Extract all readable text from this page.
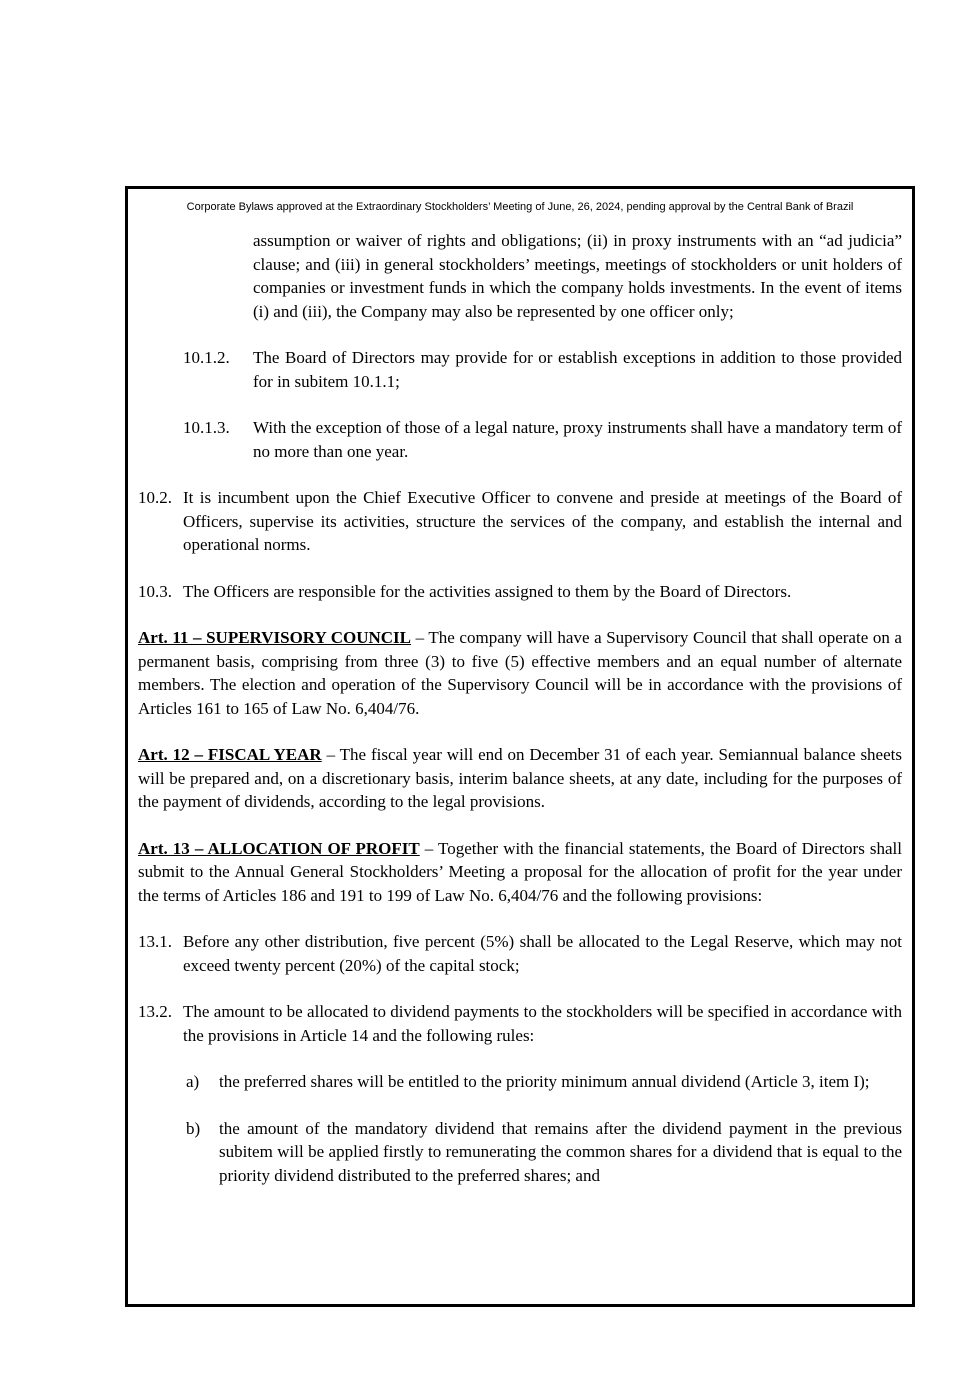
Corporate Bylaws approved at the Extraordinary Stockholders’ Meeting of June, 26, 2024, pending approval by the Central Bank of Brazil
assumption or waiver of rights and obligations; (ii) in proxy instruments with an “ad judicia” clause; and (iii) in general stockholders’ meetings, meetings of stockholders or unit holders of companies or investment funds in which the company holds investments. In the event of items (i) and (iii), the Company may also be represented by one officer only;
10.1.2. The Board of Directors may provide for or establish exceptions in addition to those provided for in subitem 10.1.1;
10.1.3. With the exception of those of a legal nature, proxy instruments shall have a mandatory term of no more than one year.
10.2. It is incumbent upon the Chief Executive Officer to convene and preside at meetings of the Board of Officers, supervise its activities, structure the services of the company, and establish the internal and operational norms.
10.3. The Officers are responsible for the activities assigned to them by the Board of Directors.
Art. 11 – SUPERVISORY COUNCIL – The company will have a Supervisory Council that shall operate on a permanent basis, comprising from three (3) to five (5) effective members and an equal number of alternate members. The election and operation of the Supervisory Council will be in accordance with the provisions of Articles 161 to 165 of Law No. 6,404/76.
Art. 12 – FISCAL YEAR – The fiscal year will end on December 31 of each year. Semiannual balance sheets will be prepared and, on a discretionary basis, interim balance sheets, at any date, including for the purposes of the payment of dividends, according to the legal provisions.
Art. 13 – ALLOCATION OF PROFIT – Together with the financial statements, the Board of Directors shall submit to the Annual General Stockholders’ Meeting a proposal for the allocation of profit for the year under the terms of Articles 186 and 191 to 199 of Law No. 6,404/76 and the following provisions:
13.1. Before any other distribution, five percent (5%) shall be allocated to the Legal Reserve, which may not exceed twenty percent (20%) of the capital stock;
13.2. The amount to be allocated to dividend payments to the stockholders will be specified in accordance with the provisions in Article 14 and the following rules:
a) the preferred shares will be entitled to the priority minimum annual dividend (Article 3, item I);
b) the amount of the mandatory dividend that remains after the dividend payment in the previous subitem will be applied firstly to remunerating the common shares for a dividend that is equal to the priority dividend distributed to the preferred shares; and
